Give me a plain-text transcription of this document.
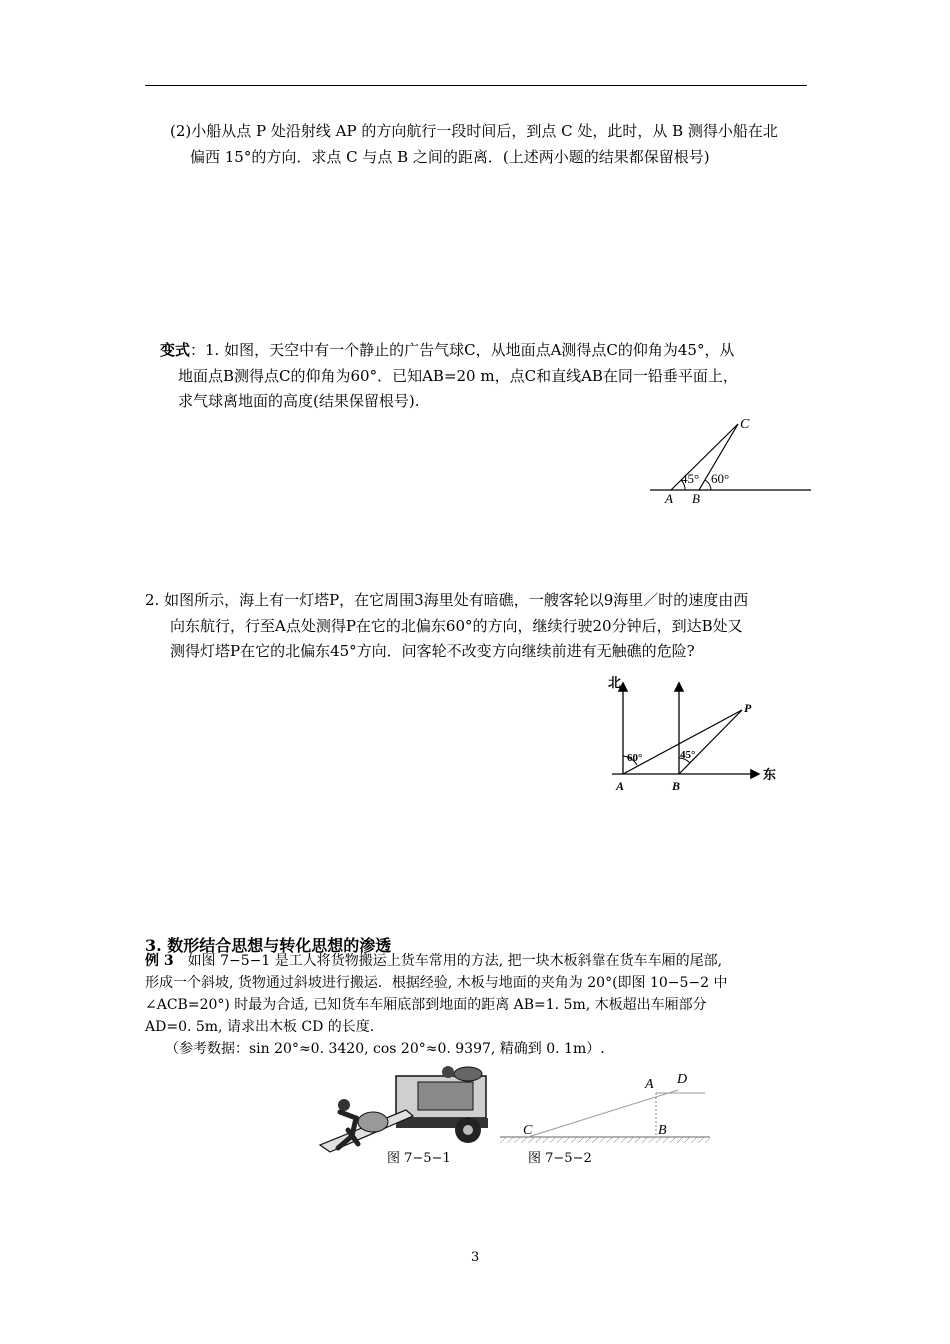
(2)小船从点 P 处沿射线 AP 的方向航行一段时间后，到点 C 处，此时，从 B 测得小船在北
偏西 15°的方向．求点 C 与点 B 之间的距离．(上述两小题的结果都保留根号)
变式：1. 如图，天空中有一个静止的广告气球C，从地面点A测得点C的仰角为45°，从
地面点B测得点C的仰角为60°．已知AB=20 m，点C和直线AB在同一铅垂平面上，
求气球离地面的高度(结果保留根号).
C
A B
45° 60°
2. 如图所示，海上有一灯塔P，在它周围3海里处有暗礁，一艘客轮以9海里／时的速度由西
向东航行，行至A点处测得P在它的北偏东60°的方向，继续行驶20分钟后，到达B处又
测得灯塔P在它的北偏东45°方向．问客轮不改变方向继续前进有无触礁的危险?
北
东
P
A	B
60°	45°
3. 数形结合思想与转化思想的渗透
例 3　如图 7−5−1 是工人将货物搬运上货车常用的方法, 把一块木板斜靠在货车车厢的尾部,
形成一个斜坡, 货物通过斜坡进行搬运．根据经验, 木板与地面的夹角为 20°(即图 10−5−2 中
∠ACB=20°) 时最为合适, 已知货车车厢底部到地面的距离 AB=1. 5m, 木板超出车厢部分
AD=0. 5m, 请求出木板 CD 的长度.
（参考数据：sin 20°≈0. 3420, cos 20°≈0. 9397, 精确到 0. 1m）.
图 7−5−1
A D
C	B
图 7−5−2
3
